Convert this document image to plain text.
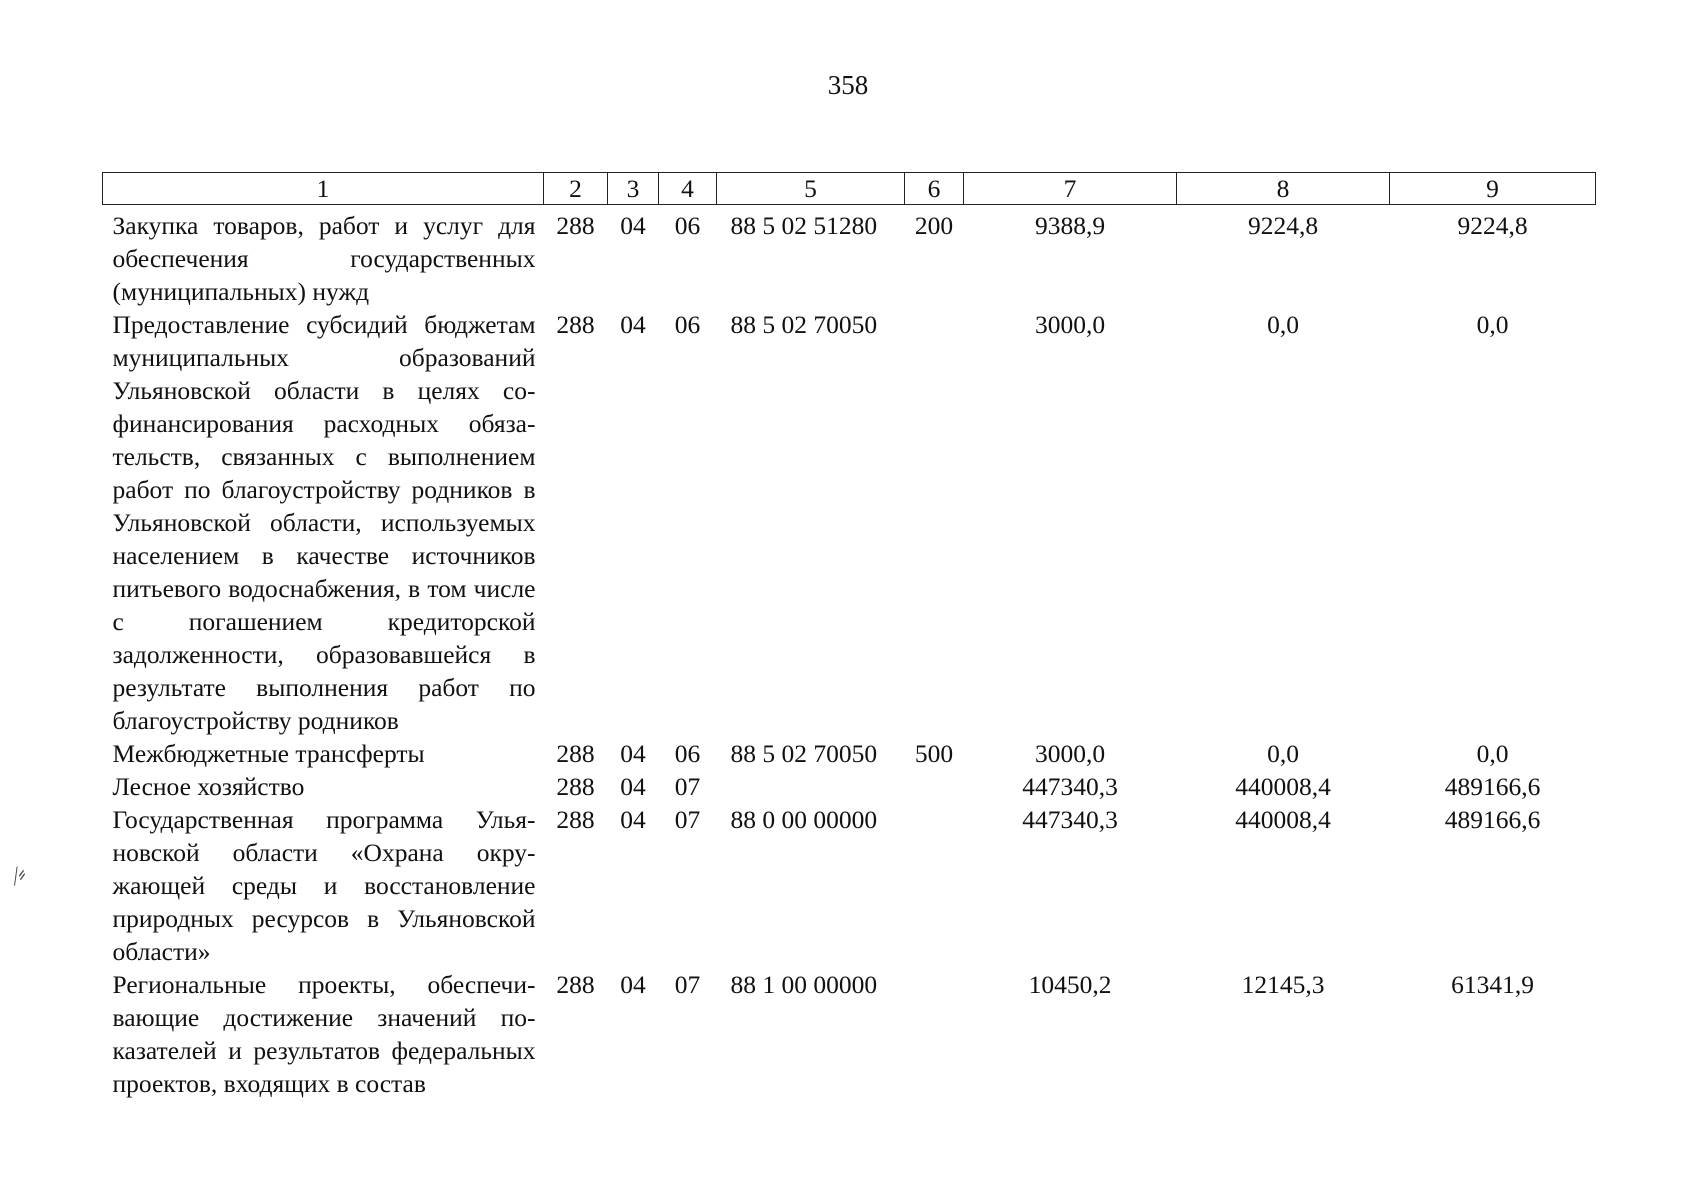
358
1	2	3	4	5	6	7	8	9
Закупка товаров, работ и услуг для обеспечения государственных (муниципальных) нужд	288	04	06	88 5 02 51280	200	9388,9	9224,8	9224,8
Предоставление субсидий бюджетам муниципальных образований Ульяновской области в целях софинансирования расходных обязательств, связанных с выполнением работ по благоустройству родников в Ульяновской области, используемых населением в качестве источников питьевого водоснабжения, в том числе с погашением кредиторской задолженности, образовавшейся в результате выполнения работ по благоустройству родников	288	04	06	88 5 02 70050		3000,0	0,0	0,0
Межбюджетные трансферты	288	04	06	88 5 02 70050	500	3000,0	0,0	0,0
Лесное хозяйство	288	04	07			447340,3	440008,4	489166,6
Государственная программа Ульяновской области «Охрана окружающей среды и восстановление природных ресурсов в Ульяновской области»	288	04	07	88 0 00 00000		447340,3	440008,4	489166,6
Региональные проекты, обеспечивающие достижение значений показателей и результатов федеральных проектов, входящих в состав	288	04	07	88 1 00 00000		10450,2	12145,3	61341,9
⁄⸗
